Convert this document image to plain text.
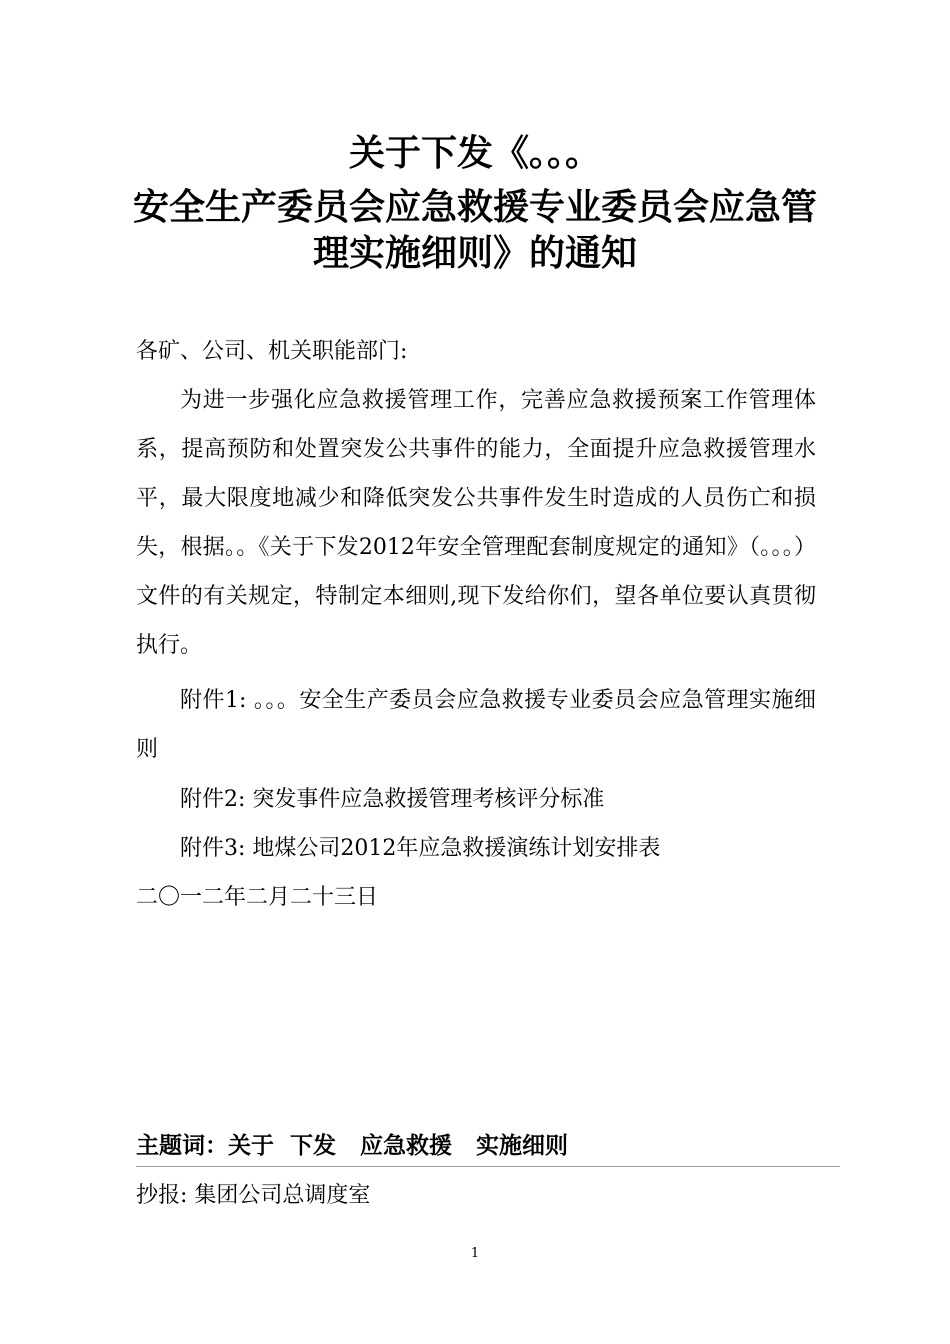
关于下发《。。。
安全生产委员会应急救援专业委员会应急管
理实施细则》的通知
各矿、公司、机关职能部门:
为进一步强化应急救援管理工作，完善应急救援预案工作管理体系，提高预防和处置突发公共事件的能力，全面提升应急救援管理水平，最大限度地减少和降低突发公共事件发生时造成的人员伤亡和损失，根据。。《关于下发2012年安全管理配套制度规定的通知》（。。。）文件的有关规定，特制定本细则,现下发给你们，望各单位要认真贯彻执行。
附件1: 。。。安全生产委员会应急救援专业委员会应急管理实施细则
附件2: 突发事件应急救援管理考核评分标准
附件3: 地煤公司2012年应急救援演练计划安排表
二〇一二年二月二十三日
主题词：关于  下发   应急救援   实施细则
抄报: 集团公司总调度室
1
